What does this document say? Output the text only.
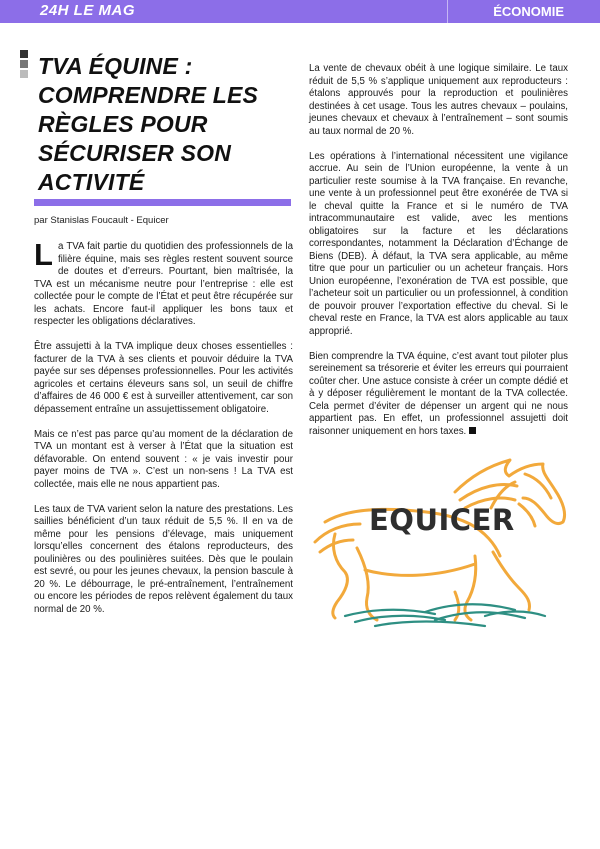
24H LE MAG	ÉCONOMIE
TVA ÉQUINE : COMPRENDRE LES RÈGLES POUR SÉCURISER SON ACTIVITÉ
par Stanislas Foucault - Equicer

La TVA fait partie du quotidien des professionnels de la filière équine, mais ses règles restent souvent source de doutes et d’erreurs. Pourtant, bien maîtrisée, la TVA est un mécanisme neutre pour l’entreprise : elle est collectée pour le compte de l’État et peut être récupérée sur les achats. Encore faut-il appliquer les bons taux et respecter les obligations déclaratives.

Être assujetti à la TVA implique deux choses essentielles : facturer de la TVA à ses clients et pouvoir déduire la TVA payée sur ses dépenses professionnelles. Pour les activités agricoles et certains éleveurs sans sol, un seuil de chiffre d’affaires de 46 000 € est à surveiller attentivement, car son dépassement entraîne un assujettissement obligatoire.

Mais ce n’est pas parce qu’au moment de la déclaration de TVA un montant est à verser à l’État que la situation est défavorable. On entend souvent : « je vais investir pour payer moins de TVA ». C’est un non-sens ! La TVA est collectée, mais elle ne nous appartient pas.

Les taux de TVA varient selon la nature des prestations. Les saillies bénéficient d’un taux réduit de 5,5 %. Il en va de même pour les pensions d’élevage, mais uniquement lorsqu’elles concernent des étalons reproducteurs, des poulinières ou des poulinières suitées. Dès que le poulain est sevré, ou pour les jeunes chevaux, la pension bascule à 20 %. Le débourrage, le pré-entraînement, l’entraînement ou encore les périodes de repos relèvent également du taux normal de 20 %.

La vente de chevaux obéit à une logique similaire. Le taux réduit de 5,5 % s’applique uniquement aux reproducteurs : étalons approuvés pour la reproduction et poulinières destinées à cet usage. Tous les autres chevaux – poulains, jeunes chevaux et chevaux à l’entraînement – sont soumis au taux normal de 20 %.

Les opérations à l’international nécessitent une vigilance accrue. Au sein de l’Union européenne, la vente à un particulier reste soumise à la TVA française. En revanche, une vente à un professionnel peut être exonérée de TVA si le cheval quitte la France et si le numéro de TVA intracommunautaire est valide, avec les mentions obligatoires sur la facture et les déclarations correspondantes, notamment la Déclaration d’Échange de Biens (DEB). À défaut, la TVA sera applicable, au même titre que pour un particulier ou un acheteur français. Hors Union européenne, l’exonération de TVA est possible, que l’acheteur soit un particulier ou un professionnel, à condition de pouvoir prouver l’exportation effective du cheval. Si le cheval reste en France, la TVA est alors applicable au taux approprié.

Bien comprendre la TVA équine, c’est avant tout piloter plus sereinement sa trésorerie et éviter les erreurs qui pourraient coûter cher. Une astuce consiste à créer un compte dédié et à y déposer régulièrement le montant de la TVA collectée. Cela permet d’éviter de dépenser un argent qui ne nous appartient pas. En effet, un professionnel assujetti doit raisonner uniquement en hors taxes.

EQUICER
